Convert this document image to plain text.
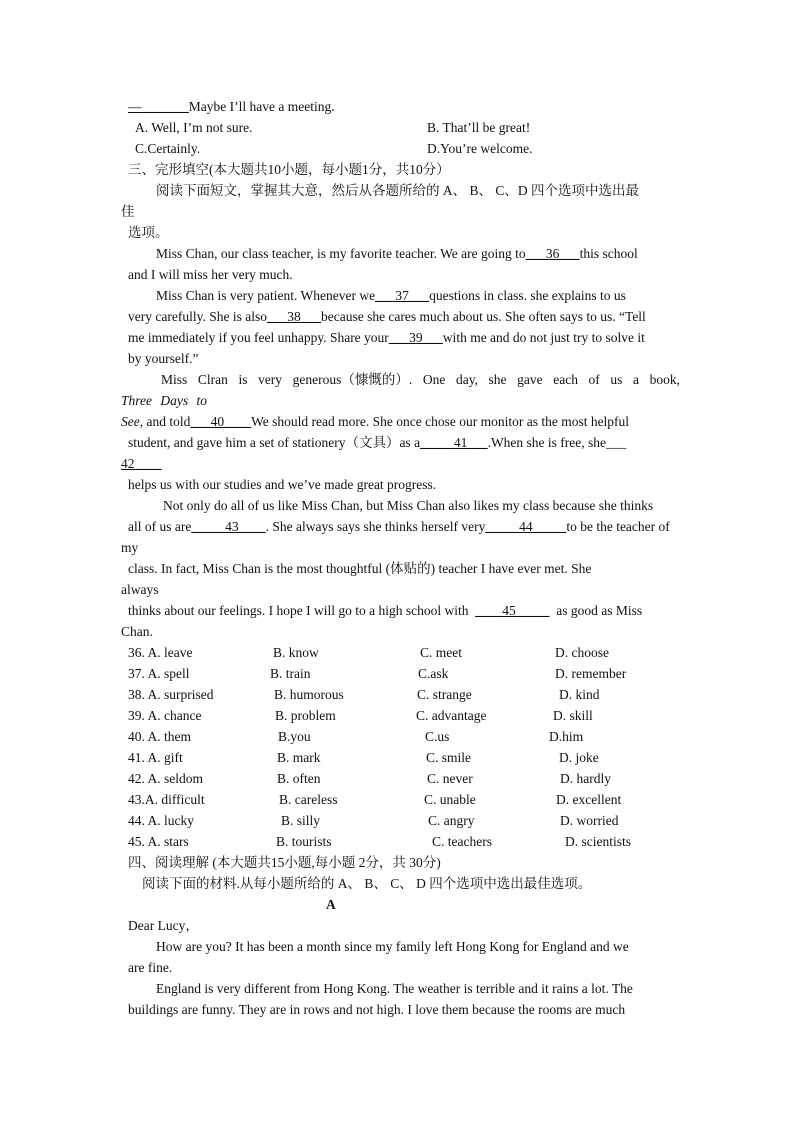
—_______Maybe I’ll have a meeting.
A. Well, I’m not sure.	B. That’ll be great!
C.Certainly.	D.You’re welcome.
三、完形填空(本大题共10小题，每小题1分，共10分）
阅读下面短文，掌握其大意，然后从各题所给的 A、 B、 C、D 四个选项中选出最
佳
选项。
Miss Chan, our class teacher, is my favorite teacher. We are going to___36___this school
and I will miss her very much.
Miss Chan is very patient. Whenever we___37___questions in class. she explains to us
very carefully. She is also___38___because she cares much about us. She often says to us. “Tell
me immediately if you feel unhappy. Share your___39___with me and do not just try to solve it
by yourself.”
Miss Clran is very generous（慷慨的）. One day, she gave each of us a book,
Three Days to
See, and told___40____We should read more. She once chose our monitor as the most helpful
student, and gave him a set of stationery（文具）as a_____41___.When she is free, she___
42____
helps us with our studies and we’ve made great progress.
Not only do all of us like Miss Chan, but Miss Chan also likes my class because she thinks
all of us are_____43____. She always says she thinks herself very_____44_____to be the teacher of
my
class. In fact, Miss Chan is the most thoughtful (体贴的) teacher I have ever met. She
always
thinks about our feelings. I hope I will go to a high school with ____45_____ as good as Miss
Chan.
36. A. leave	B. know	C. meet	D. choose
37. A. spell	B. train	C.ask	D. remember
38. A. surprised	B. humorous	C. strange	D. kind
39. A. chance	B. problem	C. advantage	D. skill
40. A. them	B.you	C.us	D.him
41. A. gift	B. mark	C. smile	D. joke
42. A. seldom	B. often	C. never	D. hardly
43.A. difficult	B. careless	C. unable	D. excellent
44. A. lucky	B. silly	C. angry	D. worried
45. A. stars	B. tourists	C. teachers	D. scientists
四、阅读理解 (本大题共15小题,每小题 2分，共 30分)
阅读下面的材料.从每小题所给的 A、 B、 C、 D 四个选项中选出最佳选项。
A
Dear Lucy，
How are you? It has been a month since my family left Hong Kong for England and we
are fine.
England is very different from Hong Kong. The weather is terrible and it rains a lot. The
buildings are funny. They are in rows and not high. I love them because the rooms are much
